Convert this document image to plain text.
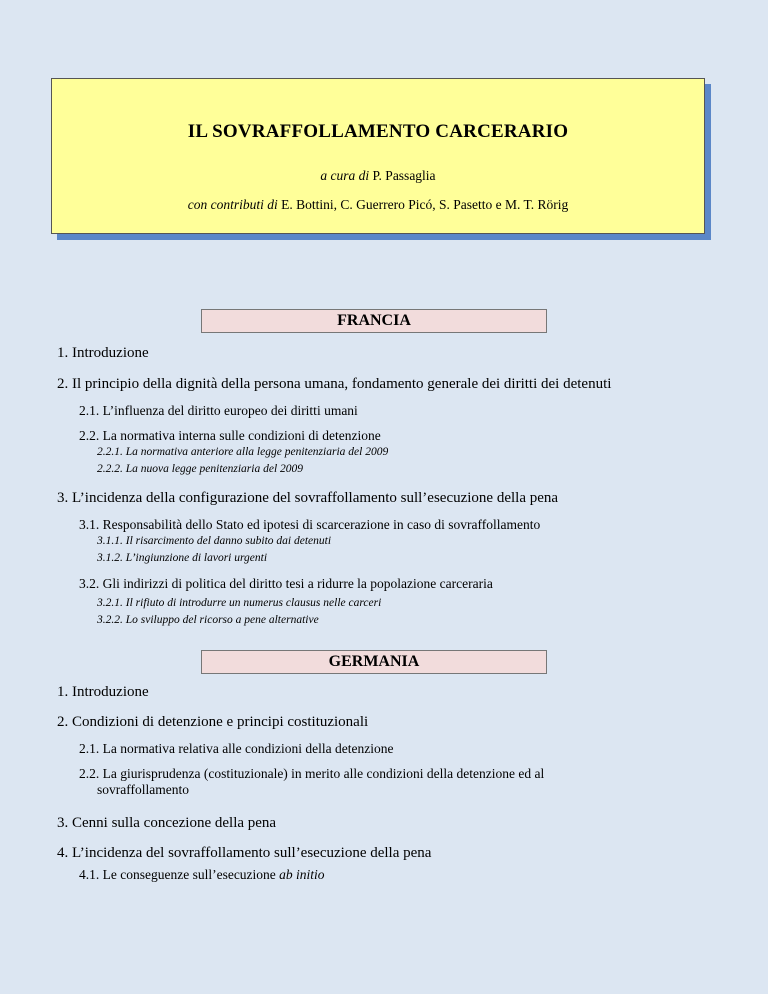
IL SOVRAFFOLLAMENTO CARCERARIO
a cura di P. Passaglia
con contributi di E. Bottini, C. Guerrero Picó, S. Pasetto e M. T. Rörig
FRANCIA
1. Introduzione
2. Il principio della dignità della persona umana, fondamento generale dei diritti dei detenuti
2.1. L’influenza del diritto europeo dei diritti umani
2.2. La normativa interna sulle condizioni di detenzione
2.2.1. La normativa anteriore alla legge penitenziaria del 2009
2.2.2. La nuova legge penitenziaria del 2009
3. L’incidenza della configurazione del sovraffollamento sull’esecuzione della pena
3.1. Responsabilità dello Stato ed ipotesi di scarcerazione in caso di sovraffollamento
3.1.1. Il risarcimento del danno subito dai detenuti
3.1.2. L’ingiunzione di lavori urgenti
3.2. Gli indirizzi di politica del diritto tesi a ridurre la popolazione carceraria
3.2.1. Il rifiuto di introdurre un numerus clausus nelle carceri
3.2.2. Lo sviluppo del ricorso a pene alternative
GERMANIA
1. Introduzione
2. Condizioni di detenzione e principi costituzionali
2.1. La normativa relativa alle condizioni della detenzione
2.2. La giurisprudenza (costituzionale) in merito alle condizioni della detenzione ed al
sovraffollamento
3. Cenni sulla concezione della pena
4. L’incidenza del sovraffollamento sull’esecuzione della pena
4.1. Le conseguenze sull’esecuzione ab initio
